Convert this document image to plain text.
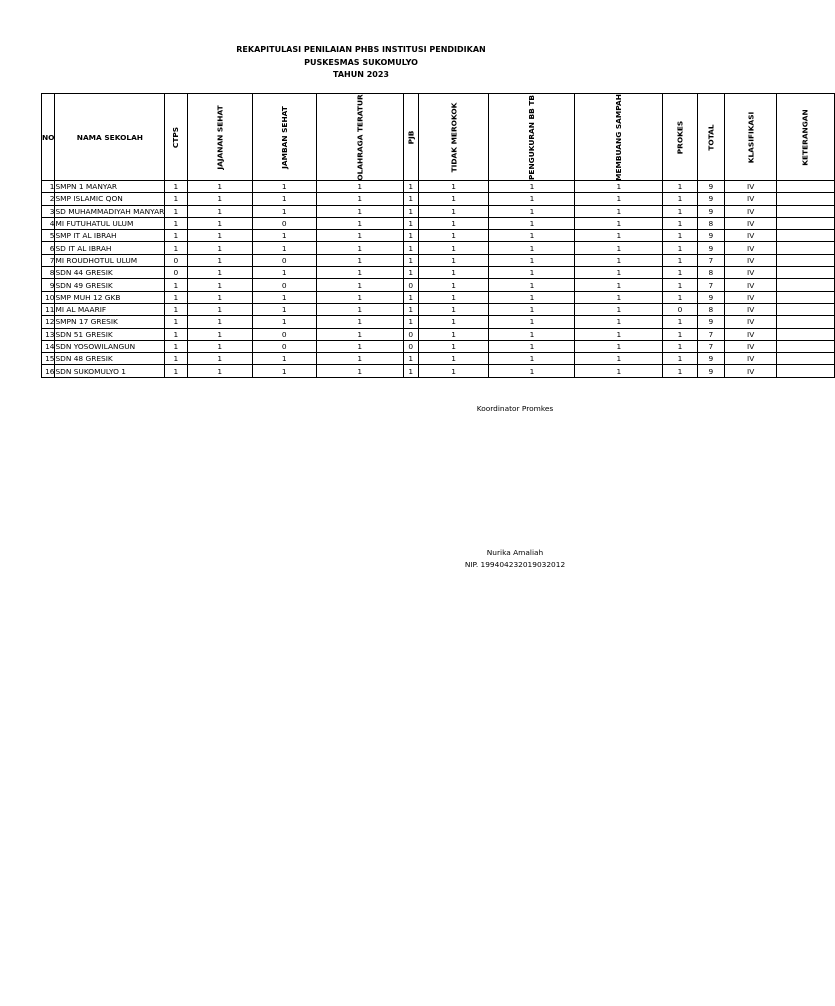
REKAPITULASI PENILAIAN PHBS INSTITUSI PENDIDIKAN
PUSKESMAS SUKOMULYO
TAHUN 2023
NO	NAMA SEKOLAH	CTPS	JAJANAN SEHAT	JAMBAN SEHAT	OLAHRAGA TERATUR	PJB	TIDAK MEROKOK	PENGUKURAN BB TB	MEMBUANG SAMPAH	PROKES	TOTAL	KLASIFIKASI	KETERANGAN
1	SMPN 1 MANYAR	1	1	1	1	1	1	1	1	1	9	IV	
2	SMP ISLAMIC QON	1	1	1	1	1	1	1	1	1	9	IV	
3	SD MUHAMMADIYAH MANYAR	1	1	1	1	1	1	1	1	1	9	IV	
4	MI FUTUHATUL ULUM	1	1	0	1	1	1	1	1	1	8	IV	
5	SMP IT AL IBRAH	1	1	1	1	1	1	1	1	1	9	IV	
6	SD IT AL IBRAH	1	1	1	1	1	1	1	1	1	9	IV	
7	MI ROUDHOTUL ULUM	0	1	0	1	1	1	1	1	1	7	IV	
8	SDN 44 GRESIK	0	1	1	1	1	1	1	1	1	8	IV	
9	SDN 49 GRESIK	1	1	0	1	0	1	1	1	1	7	IV	
10	SMP MUH 12 GKB	1	1	1	1	1	1	1	1	1	9	IV	
11	MI AL MAARIF	1	1	1	1	1	1	1	1	0	8	IV	
12	SMPN 17 GRESIK	1	1	1	1	1	1	1	1	1	9	IV	
13	SDN 51 GRESIK	1	1	0	1	0	1	1	1	1	7	IV	
14	SDN YOSOWILANGUN	1	1	0	1	0	1	1	1	1	7	IV	
15	SDN 48 GRESIK	1	1	1	1	1	1	1	1	1	9	IV	
16	SDN SUKOMULYO 1	1	1	1	1	1	1	1	1	1	9	IV	
Koordinator Promkes
Nurika Amaliah
NIP. 199404232019032012
